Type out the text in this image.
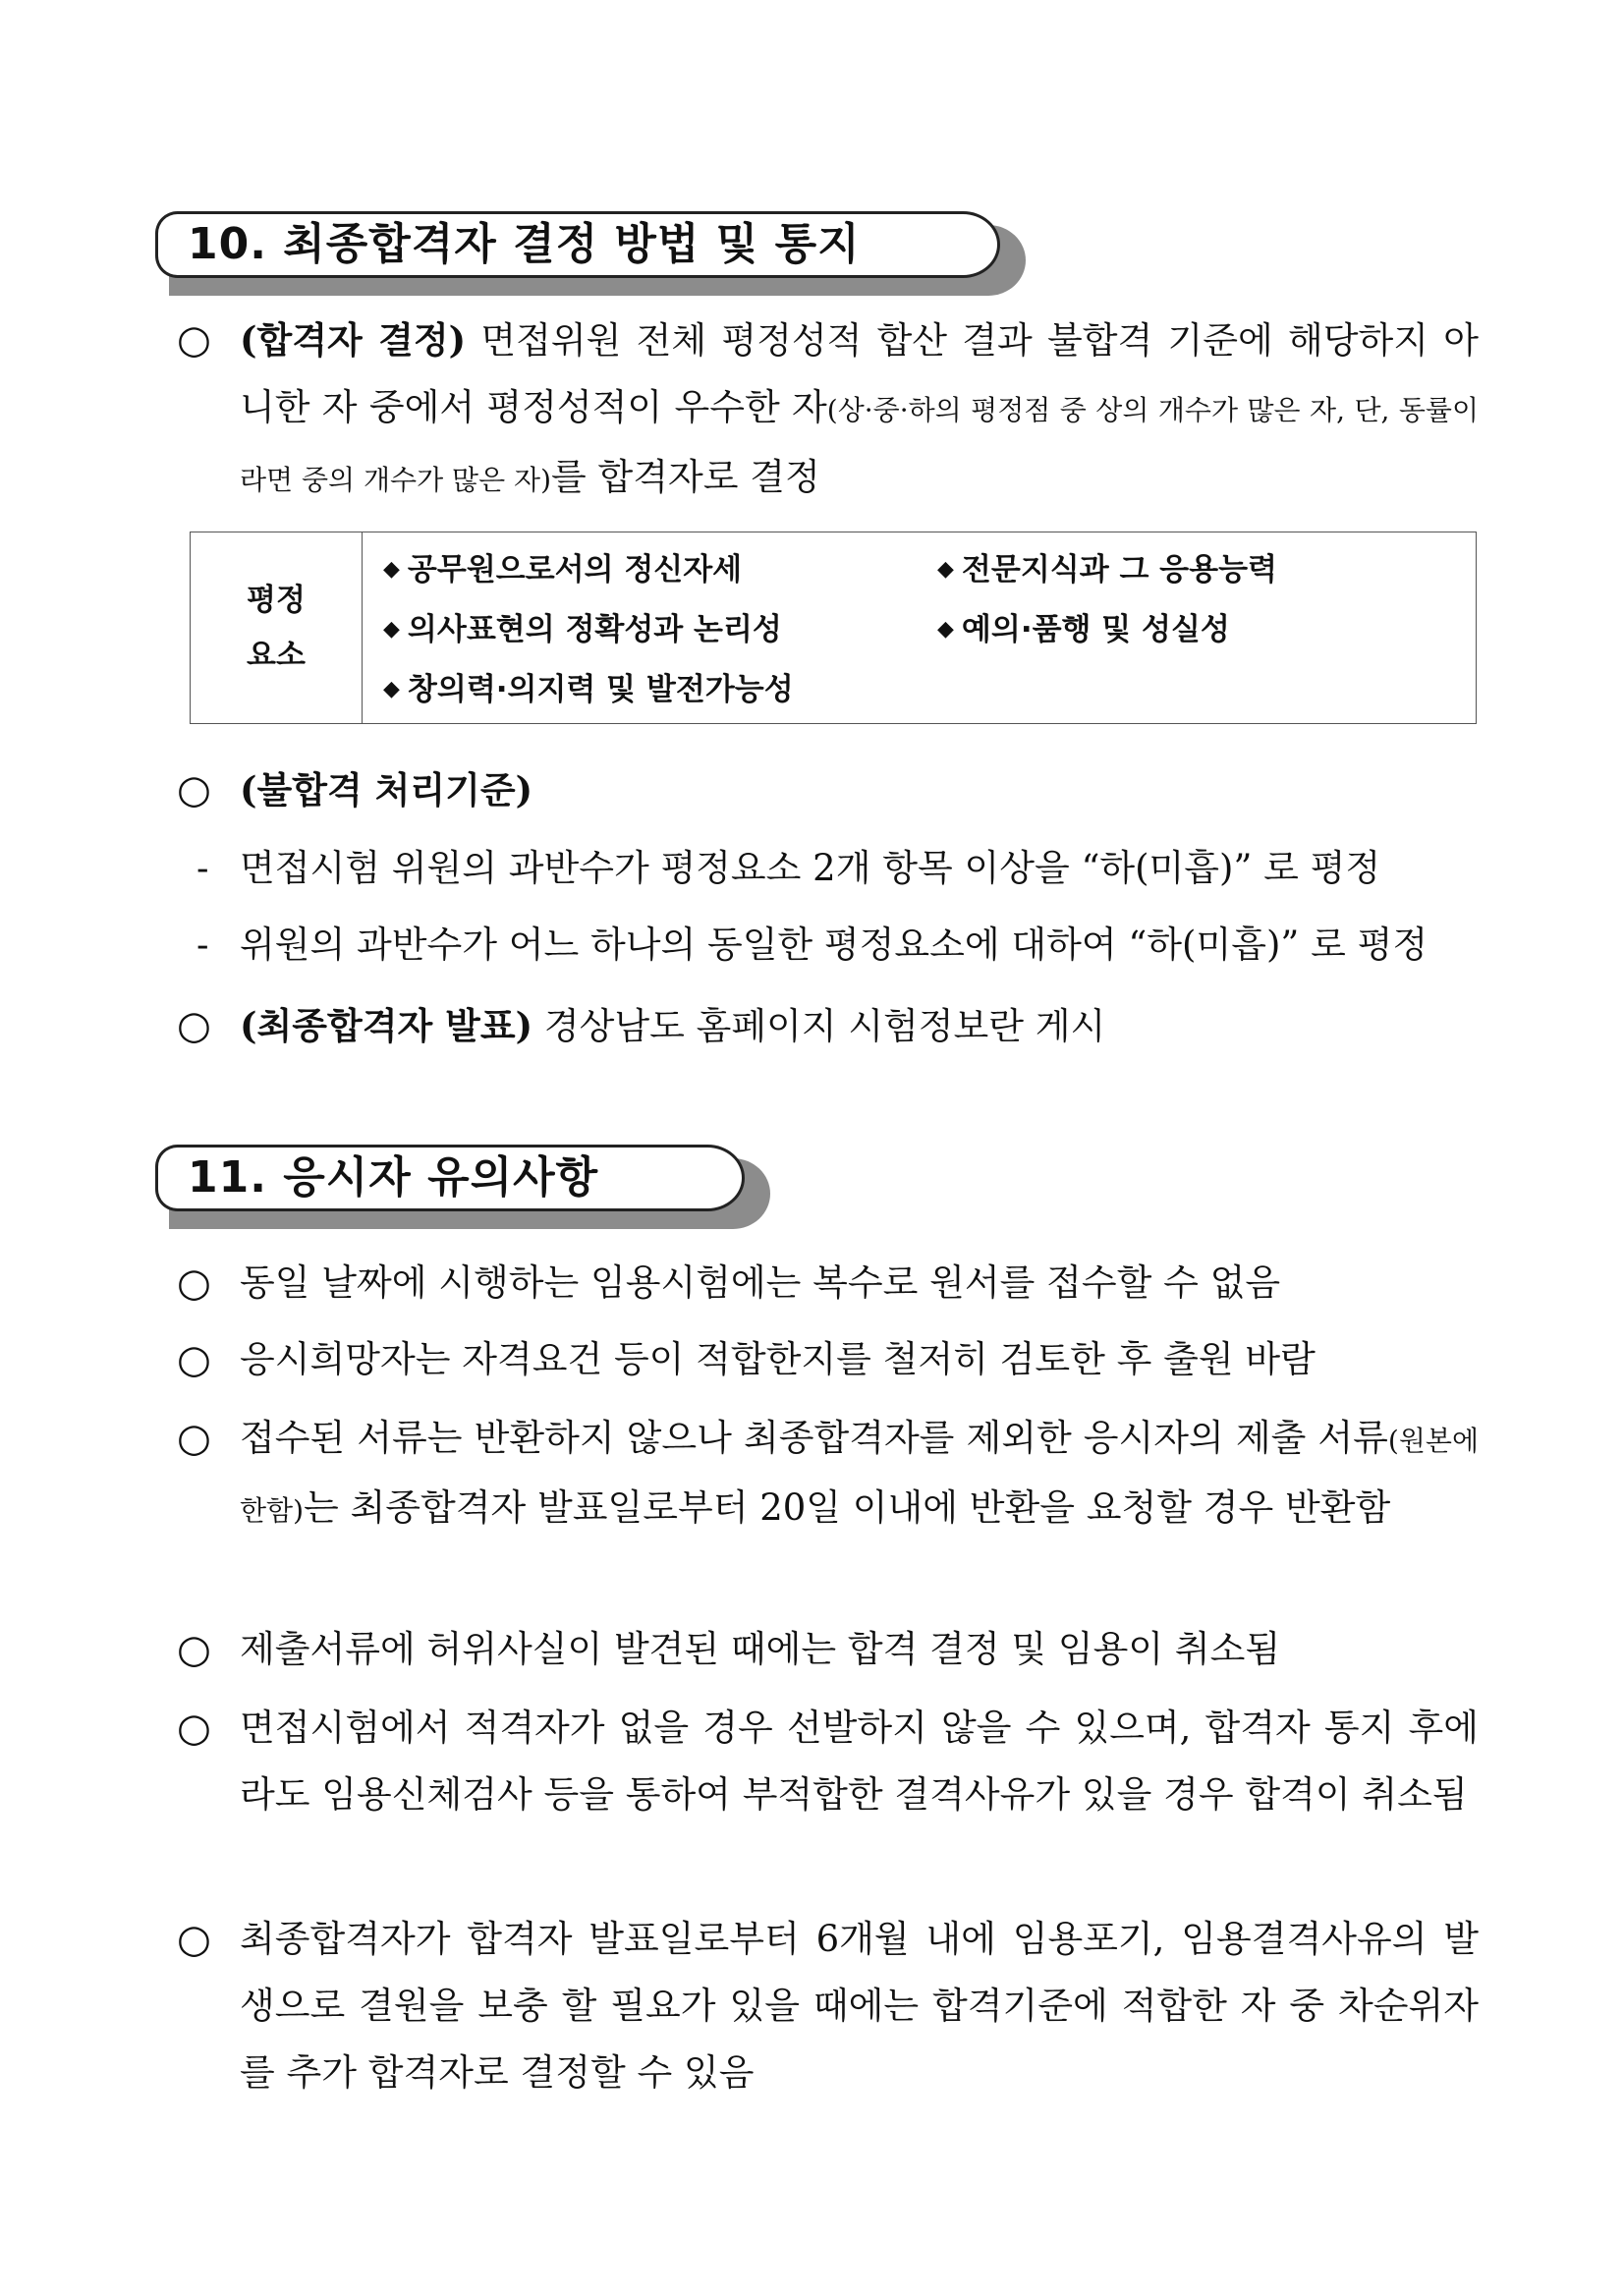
10. 최종합격자 결정 방법 및 통지
○ (합격자 결정) 면접위원 전체 평정성적 합산 결과 불합격 기준에 해당하지 아니한 자 중에서 평정성적이 우수한 자(상·중·하의 평정점 중 상의 개수가 많은 자, 단, 동률이라면 중의 개수가 많은 자)를 합격자로 결정
평정
요소
◆ 공무원으로서의 정신자세	◆ 전문지식과 그 응용능력
◆ 의사표현의 정확성과 논리성	◆ 예의·품행 및 성실성
◆ 창의력·의지력 및 발전가능성
○ (불합격 처리기준)
- 면접시험 위원의 과반수가 평정요소 2개 항목 이상을 “하(미흡)” 로 평정
- 위원의 과반수가 어느 하나의 동일한 평정요소에 대하여 “하(미흡)” 로 평정
○ (최종합격자 발표) 경상남도 홈페이지 시험정보란 게시
11. 응시자 유의사항
○ 동일 날짜에 시행하는 임용시험에는 복수로 원서를 접수할 수 없음
○ 응시희망자는 자격요건 등이 적합한지를 철저히 검토한 후 출원 바람
○ 접수된 서류는 반환하지 않으나 최종합격자를 제외한 응시자의 제출 서류(원본에 한함)는 최종합격자 발표일로부터 20일 이내에 반환을 요청할 경우 반환함
○ 제출서류에 허위사실이 발견된 때에는 합격 결정 및 임용이 취소됨
○ 면접시험에서 적격자가 없을 경우 선발하지 않을 수 있으며, 합격자 통지 후에라도 임용신체검사 등을 통하여 부적합한 결격사유가 있을 경우 합격이 취소됨
○ 최종합격자가 합격자 발표일로부터 6개월 내에 임용포기, 임용결격사유의 발생으로 결원을 보충 할 필요가 있을 때에는 합격기준에 적합한 자 중 차순위자를 추가 합격자로 결정할 수 있음
